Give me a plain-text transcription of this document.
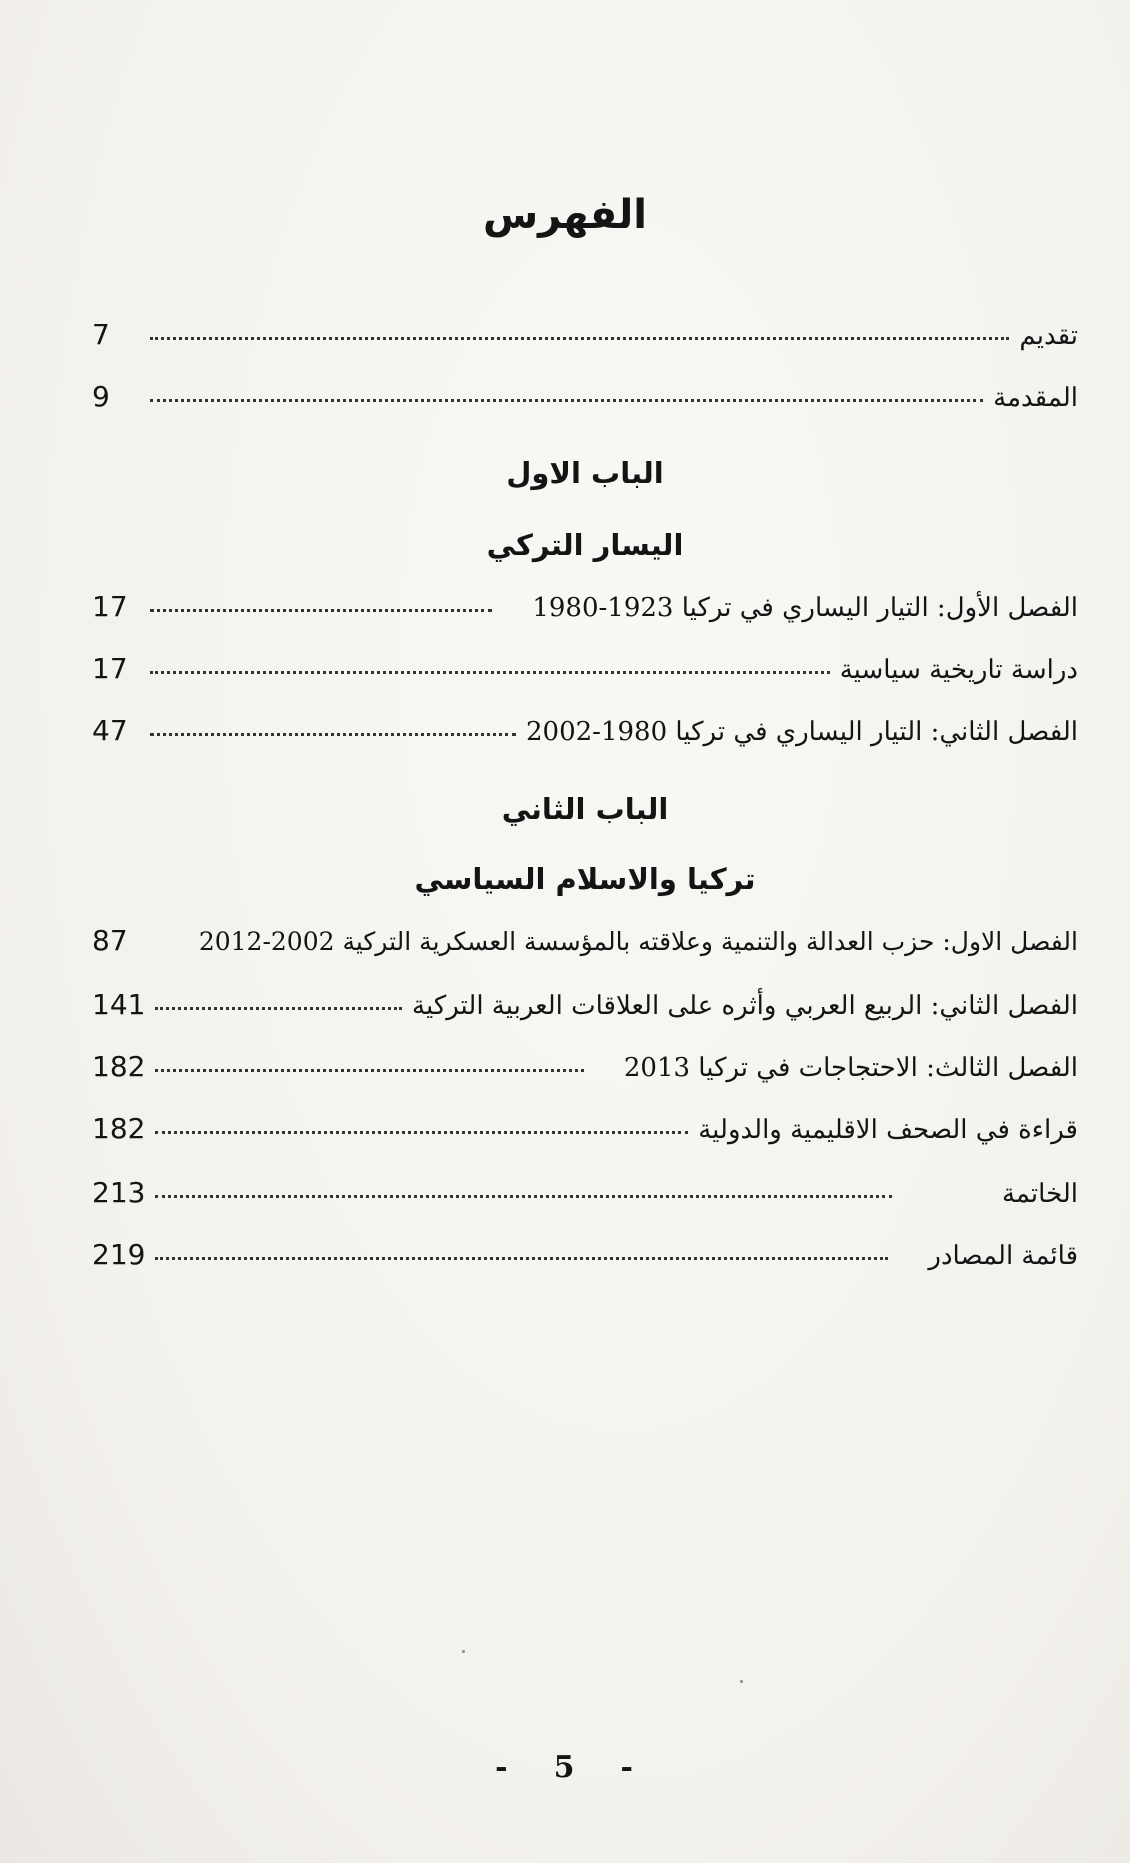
الفهرس
تقديم
7
المقدمة
9
الباب الاول
اليسار التركي
الفصل الأول: التيار اليساري في تركيا 1923-1980
17
دراسة تاريخية سياسية
17
الفصل الثاني: التيار اليساري في تركيا 1980-2002
47
الباب الثاني
تركيا والاسلام السياسي
الفصل الاول: حزب العدالة والتنمية وعلاقته بالمؤسسة العسكرية التركية 2002-2012
87
الفصل الثاني: الربيع العربي وأثره على العلاقات العربية التركية
141
الفصل الثالث: الاحتجاجات في تركيا 2013
182
قراءة في الصحف الاقليمية والدولية
182
الخاتمة
213
قائمة المصادر
219
- 5 -
